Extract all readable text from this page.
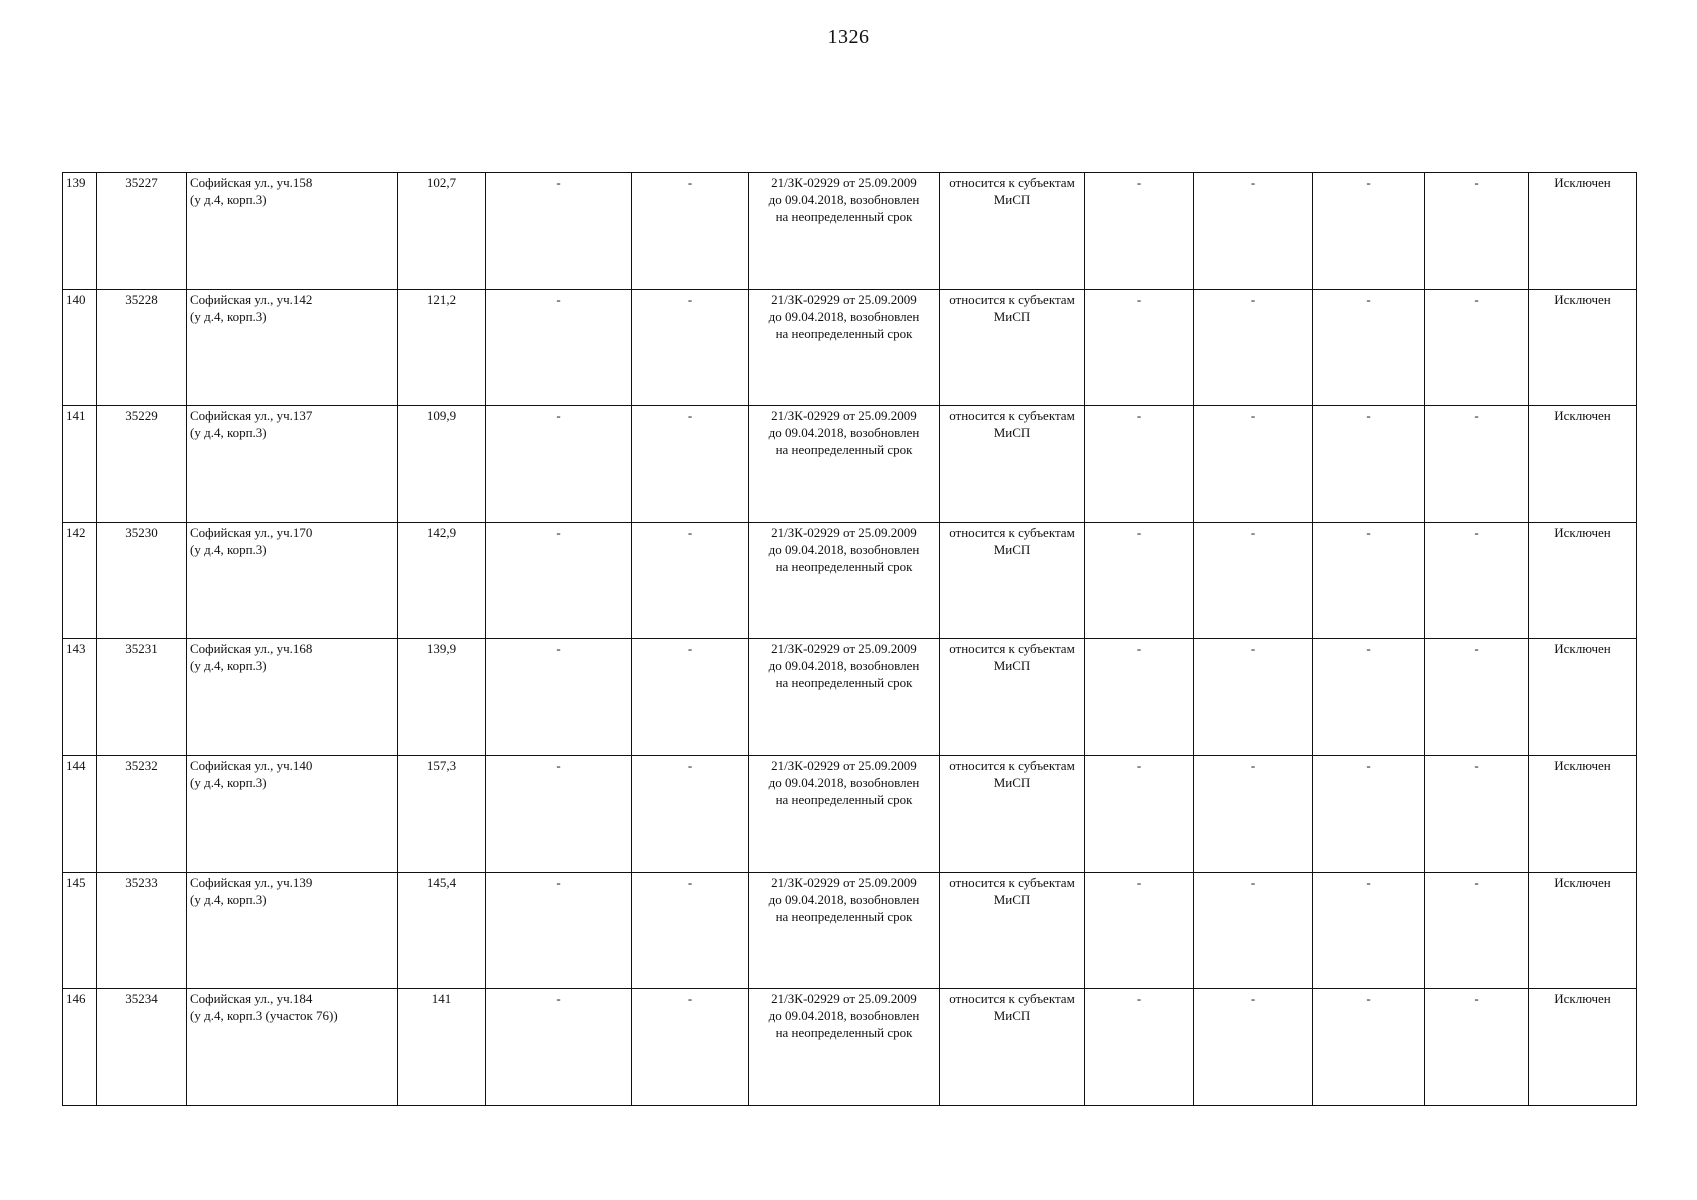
1326
139	35227	Софийская ул., уч.158
(у д.4, корп.3)	102,7	-	-	21/ЗК-02929 от 25.09.2009
до 09.04.2018, возобновлен
на неопределенный срок	относится к субъектам
МиСП	-	-	-	-	Исключен
140	35228	Софийская ул., уч.142
(у д.4, корп.3)	121,2	-	-	21/ЗК-02929 от 25.09.2009
до 09.04.2018, возобновлен
на неопределенный срок	относится к субъектам
МиСП	-	-	-	-	Исключен
141	35229	Софийская ул., уч.137
(у д.4, корп.3)	109,9	-	-	21/ЗК-02929 от 25.09.2009
до 09.04.2018, возобновлен
на неопределенный срок	относится к субъектам
МиСП	-	-	-	-	Исключен
142	35230	Софийская ул., уч.170
(у д.4, корп.3)	142,9	-	-	21/ЗК-02929 от 25.09.2009
до 09.04.2018, возобновлен
на неопределенный срок	относится к субъектам
МиСП	-	-	-	-	Исключен
143	35231	Софийская ул., уч.168
(у д.4, корп.3)	139,9	-	-	21/ЗК-02929 от 25.09.2009
до 09.04.2018, возобновлен
на неопределенный срок	относится к субъектам
МиСП	-	-	-	-	Исключен
144	35232	Софийская ул., уч.140
(у д.4, корп.3)	157,3	-	-	21/ЗК-02929 от 25.09.2009
до 09.04.2018, возобновлен
на неопределенный срок	относится к субъектам
МиСП	-	-	-	-	Исключен
145	35233	Софийская ул., уч.139
(у д.4, корп.3)	145,4	-	-	21/ЗК-02929 от 25.09.2009
до 09.04.2018, возобновлен
на неопределенный срок	относится к субъектам
МиСП	-	-	-	-	Исключен
146	35234	Софийская ул., уч.184
(у д.4, корп.3 (участок 76))	141	-	-	21/ЗК-02929 от 25.09.2009
до 09.04.2018, возобновлен
на неопределенный срок	относится к субъектам
МиСП	-	-	-	-	Исключен
